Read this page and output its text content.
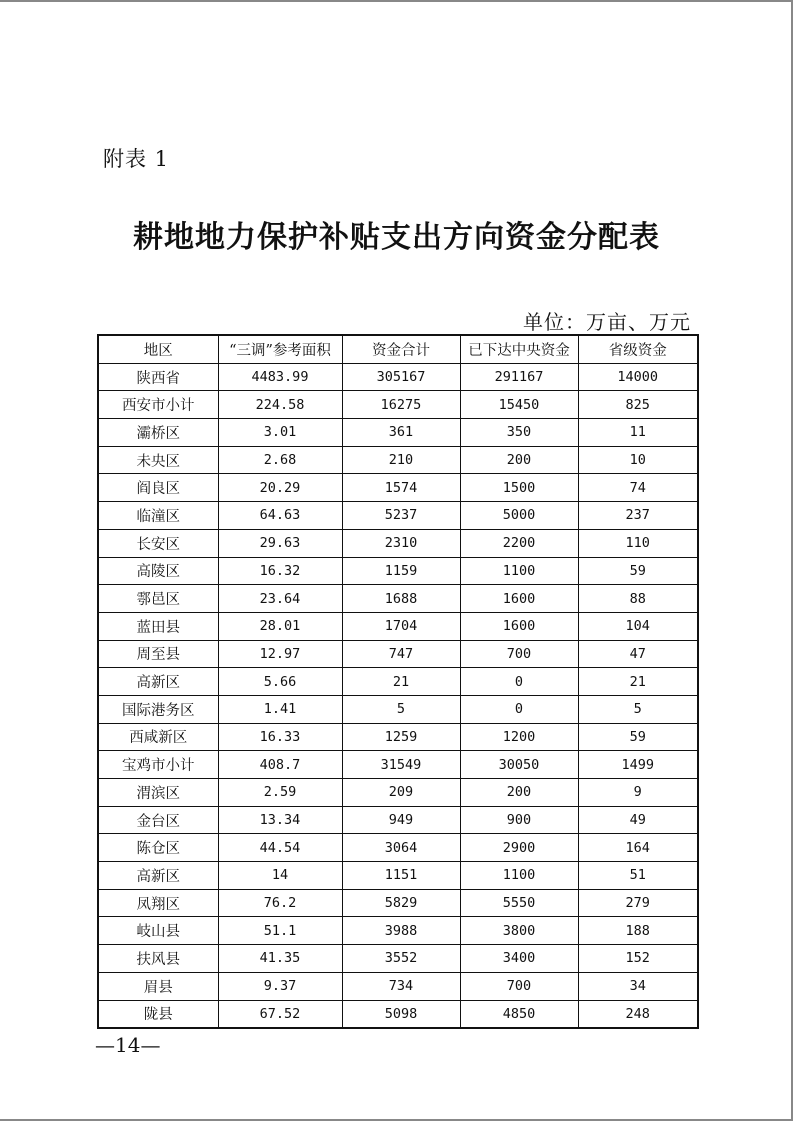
附表 1
耕地地力保护补贴支出方向资金分配表
单位：万亩、万元
地区	“三调”参考面积	资金合计	已下达中央资金	省级资金
陕西省	4483.99	305167	291167	14000
西安市小计	224.58	16275	15450	825
灞桥区	3.01	361	350	11
未央区	2.68	210	200	10
阎良区	20.29	1574	1500	74
临潼区	64.63	5237	5000	237
长安区	29.63	2310	2200	110
高陵区	16.32	1159	1100	59
鄠邑区	23.64	1688	1600	88
蓝田县	28.01	1704	1600	104
周至县	12.97	747	700	47
高新区	5.66	21	0	21
国际港务区	1.41	5	0	5
西咸新区	16.33	1259	1200	59
宝鸡市小计	408.7	31549	30050	1499
渭滨区	2.59	209	200	9
金台区	13.34	949	900	49
陈仓区	44.54	3064	2900	164
高新区	14	1151	1100	51
凤翔区	76.2	5829	5550	279
岐山县	51.1	3988	3800	188
扶风县	41.35	3552	3400	152
眉县	9.37	734	700	34
陇县	67.52	5098	4850	248
—14—
